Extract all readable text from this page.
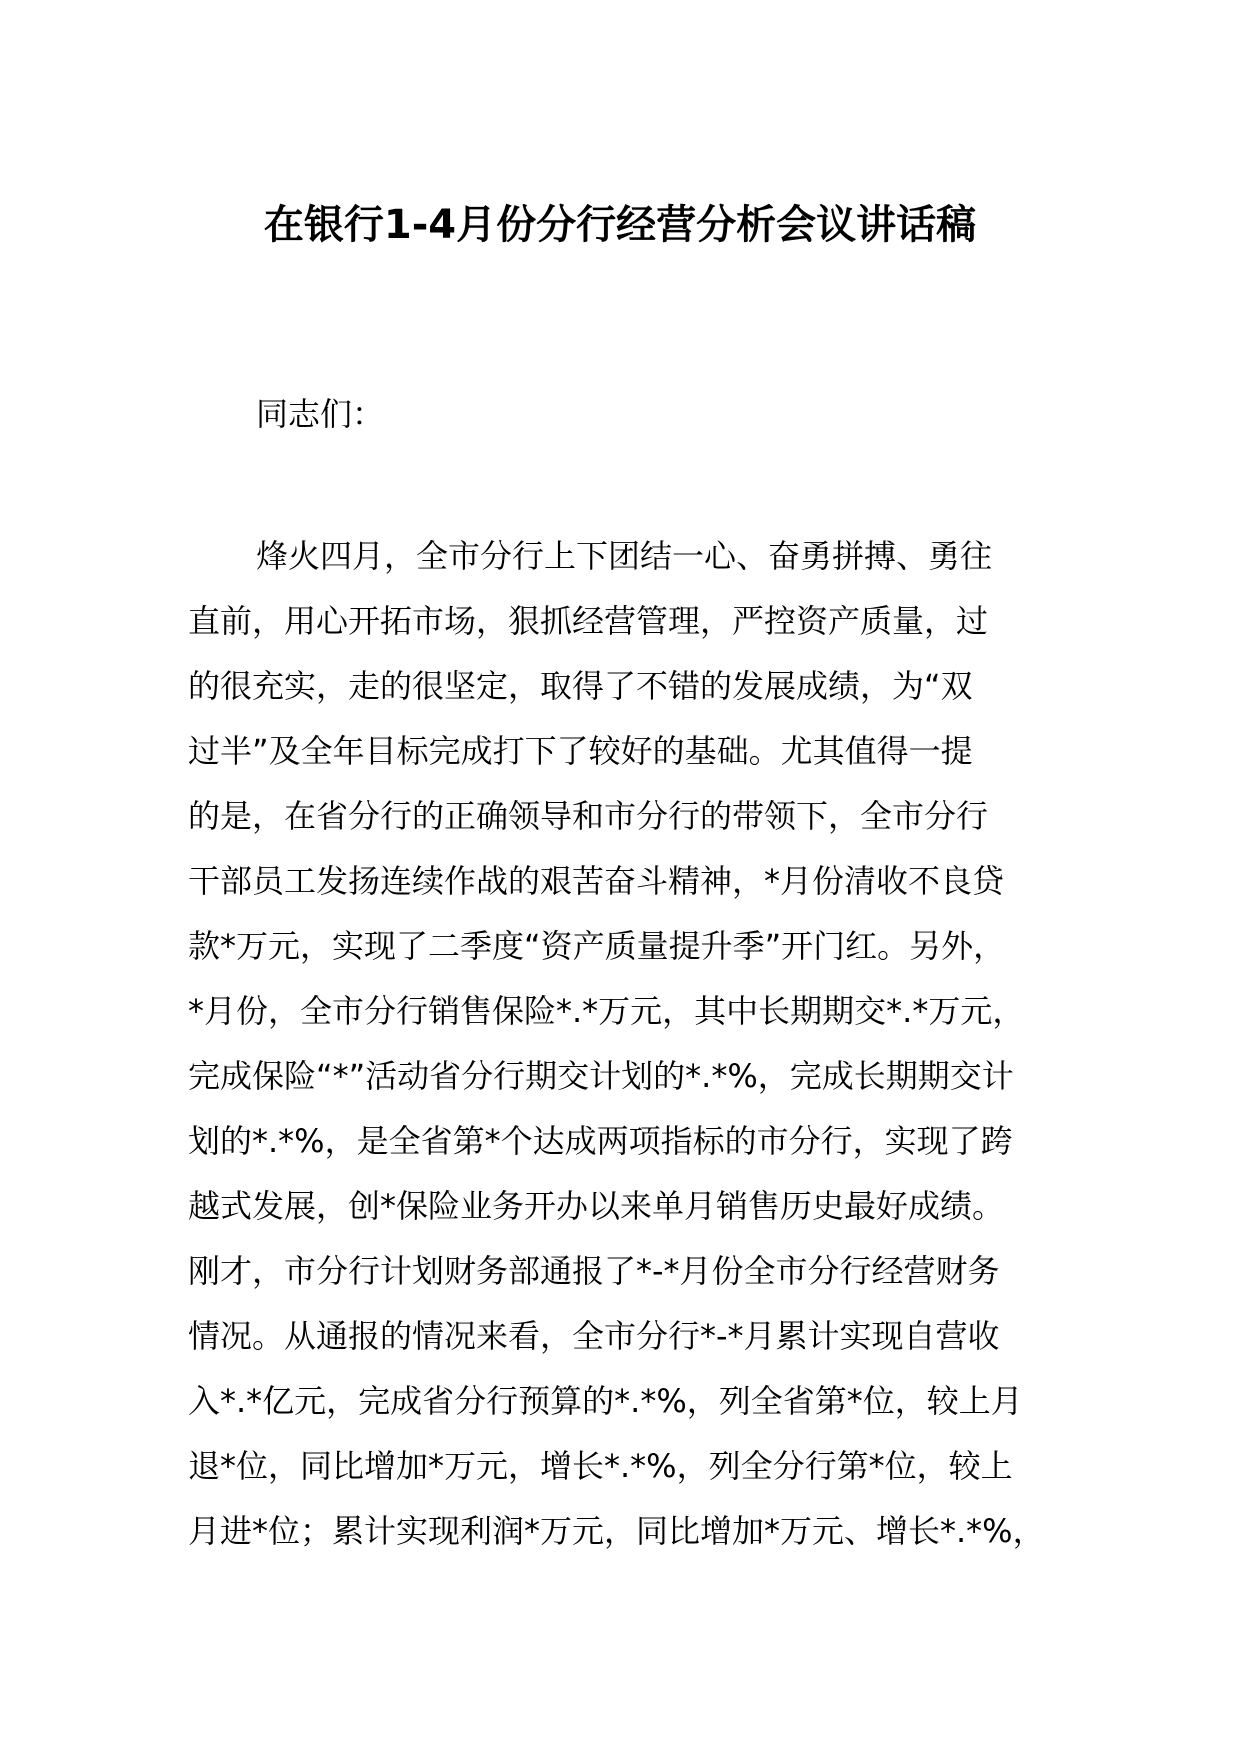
在银行1-4月份分行经营分析会议讲话稿
同志们：
烽火四月，全市分行上下团结一心、奋勇拼搏、勇往
直前，用心开拓市场，狠抓经营管理，严控资产质量，过
的很充实，走的很坚定，取得了不错的发展成绩，为“双
过半”及全年目标完成打下了较好的基础。尤其值得一提
的是，在省分行的正确领导和市分行的带领下，全市分行
干部员工发扬连续作战的艰苦奋斗精神，*月份清收不良贷
款*万元，实现了二季度“资产质量提升季”开门红。另外，
*月份，全市分行销售保险*.*万元，其中长期期交*.*万元，
完成保险“*”活动省分行期交计划的*.*%，完成长期期交计
划的*.*%，是全省第*个达成两项指标的市分行，实现了跨
越式发展，创*保险业务开办以来单月销售历史最好成绩。
刚才，市分行计划财务部通报了*-*月份全市分行经营财务
情况。从通报的情况来看，全市分行*-*月累计实现自营收
入*.*亿元，完成省分行预算的*.*%，列全省第*位，较上月
退*位，同比增加*万元，增长*.*%，列全分行第*位，较上
月进*位；累计实现利润*万元，同比增加*万元、增长*.*%，
